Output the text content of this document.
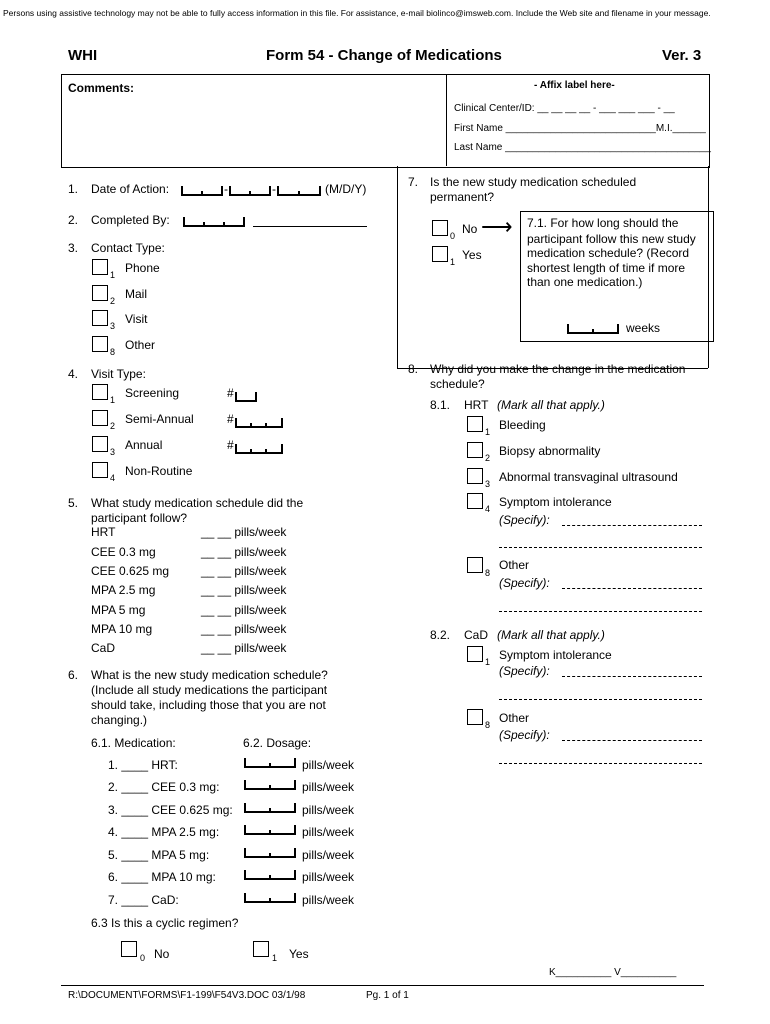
Persons using assistive technology may not be able to fully access information in this file. For assistance, e-mail biolinco@imsweb.com. Include the Web site and filename in your message.
WHI	Form 54 - Change of Medications	Ver. 3
Comments:	- Affix label here-
Clinical Center/ID: __ __ __ __ - ___ ___ ___ - __
First Name ___________________________M.I.______
Last Name _____________________________________
1. Date of Action:	-	-	(M/D/Y)
2. Completed By:
3. Contact Type:
1 Phone
2 Mail
3 Visit
8 Other
4. Visit Type:
1 Screening	#
2 Semi-Annual	#
3 Annual	#
4 Non-Routine
5. What study medication schedule did the
participant follow?
HRT	__ __ pills/week
CEE 0.3 mg	__ __ pills/week
CEE 0.625 mg	__ __ pills/week
MPA 2.5 mg	__ __ pills/week
MPA 5 mg	__ __ pills/week
MPA 10 mg	__ __ pills/week
CaD	__ __ pills/week
6. What is the new study medication schedule?
(Include all study medications the participant
should take, including those that you are not
changing.)
6.1. Medication:	6.2. Dosage:
1. ____ HRT:	pills/week
2. ____ CEE 0.3 mg:	pills/week
3. ____ CEE 0.625 mg:	pills/week
4. ____ MPA 2.5 mg:	pills/week
5. ____ MPA 5 mg:	pills/week
6. ____ MPA 10 mg:	pills/week
7. ____ CaD:	pills/week
6.3 Is this a cyclic regimen?
0 No	1 Yes
7. Is the new study medication scheduled
permanent?
0 No ⟶
1 Yes
7.1. For how long should the
participant follow this new study
medication schedule? (Record
shortest length of time if more
than one medication.)
weeks
8. Why did you make the change in the medication
schedule?
8.1. HRT (Mark all that apply.)
1 Bleeding
2 Biopsy abnormality
3 Abnormal transvaginal ultrasound
4 Symptom intolerance
(Specify):
8
Other
(Specify):
8.2. CaD (Mark all that apply.)
1 Symptom intolerance
(Specify):
8 Other
(Specify):
K__________ V__________
R:\DOCUMENT\FORMS\F1-199\F54V3.DOC 03/1/98	Pg. 1 of 1
